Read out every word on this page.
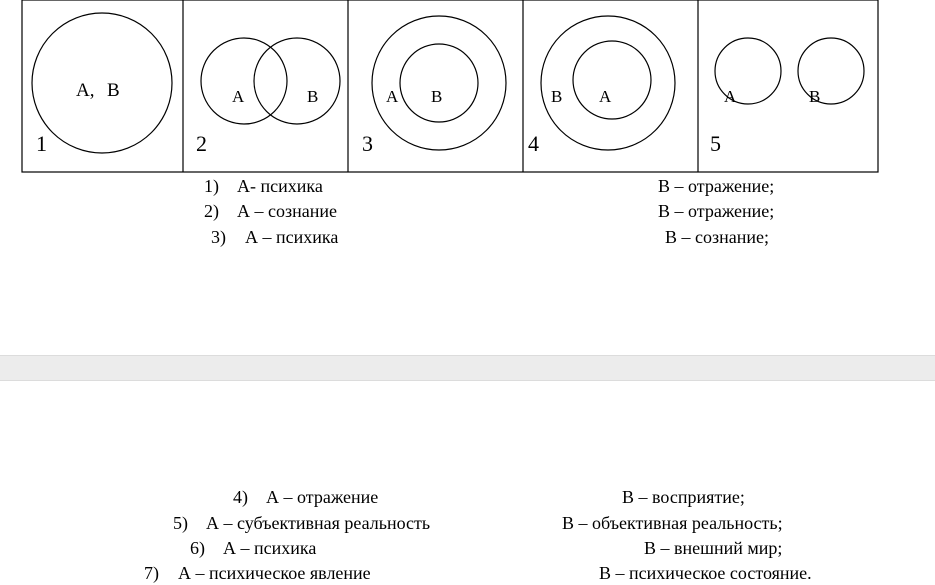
А, В
1
А	В
2
А В
3
А
В
4
А	В
5
1) А- психика	В – отражение;
2) А – сознание	В – отражение;
3) А – психика	В – сознание;
4) А – отражение	В – восприятие;
5) А – субъективная реальность	В – объективная реальность;
6) А – психика	В – внешний мир;
7) А – психическое явление	В – психическое состояние.
